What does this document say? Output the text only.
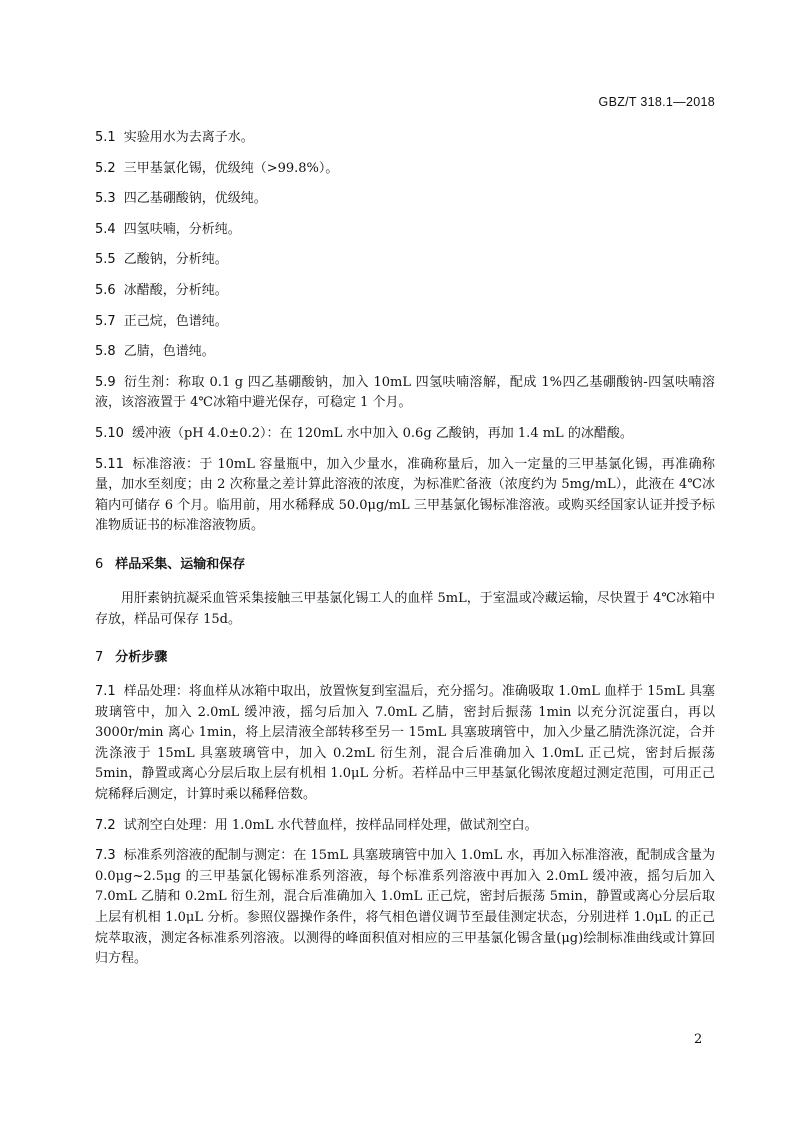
GBZ/T 318.1—2018

5.1 实验用水为去离子水。

5.2 三甲基氯化锡，优级纯（>99.8%）。

5.3 四乙基硼酸钠，优级纯。

5.4 四氢呋喃，分析纯。

5.5 乙酸钠，分析纯。

5.6 冰醋酸，分析纯。

5.7 正己烷，色谱纯。

5.8 乙腈，色谱纯。

5.9 衍生剂：称取 0.1 g 四乙基硼酸钠，加入 10mL 四氢呋喃溶解，配成 1%四乙基硼酸钠-四氢呋喃溶液，该溶液置于 4℃冰箱中避光保存，可稳定 1 个月。

5.10 缓冲液（pH 4.0±0.2）：在 120mL 水中加入 0.6g 乙酸钠，再加 1.4 mL 的冰醋酸。

5.11 标准溶液：于 10mL 容量瓶中，加入少量水，准确称量后，加入一定量的三甲基氯化锡，再准确称量，加水至刻度；由 2 次称量之差计算此溶液的浓度，为标准贮备液（浓度约为 5mg/mL），此液在 4℃冰箱内可储存 6 个月。临用前，用水稀释成 50.0μg/mL 三甲基氯化锡标准溶液。或购买经国家认证并授予标准物质证书的标准溶液物质。

6 样品采集、运输和保存

用肝素钠抗凝采血管采集接触三甲基氯化锡工人的血样 5mL，于室温或冷藏运输，尽快置于 4℃冰箱中存放，样品可保存 15d。

7 分析步骤

7.1 样品处理：将血样从冰箱中取出，放置恢复到室温后，充分摇匀。准确吸取 1.0mL 血样于 15mL 具塞玻璃管中，加入 2.0mL 缓冲液，摇匀后加入 7.0mL 乙腈，密封后振荡 1min 以充分沉淀蛋白，再以 3000r/min 离心 1min，将上层清液全部转移至另一 15mL 具塞玻璃管中，加入少量乙腈洗涤沉淀，合并洗涤液于 15mL 具塞玻璃管中，加入 0.2mL 衍生剂，混合后准确加入 1.0mL 正己烷，密封后振荡 5min，静置或离心分层后取上层有机相 1.0μL 分析。若样品中三甲基氯化锡浓度超过测定范围，可用正己烷稀释后测定，计算时乘以稀释倍数。

7.2 试剂空白处理：用 1.0mL 水代替血样，按样品同样处理，做试剂空白。

7.3 标准系列溶液的配制与测定：在 15mL 具塞玻璃管中加入 1.0mL 水，再加入标准溶液，配制成含量为 0.0μg~2.5μg 的三甲基氯化锡标准系列溶液，每个标准系列溶液中再加入 2.0mL 缓冲液，摇匀后加入 7.0mL 乙腈和 0.2mL 衍生剂，混合后准确加入 1.0mL 正己烷，密封后振荡 5min，静置或离心分层后取上层有机相 1.0μL 分析。参照仪器操作条件，将气相色谱仪调节至最佳测定状态，分别进样 1.0μL 的正己烷萃取液，测定各标准系列溶液。以测得的峰面积值对相应的三甲基氯化锡含量(μg)绘制标准曲线或计算回归方程。

2
